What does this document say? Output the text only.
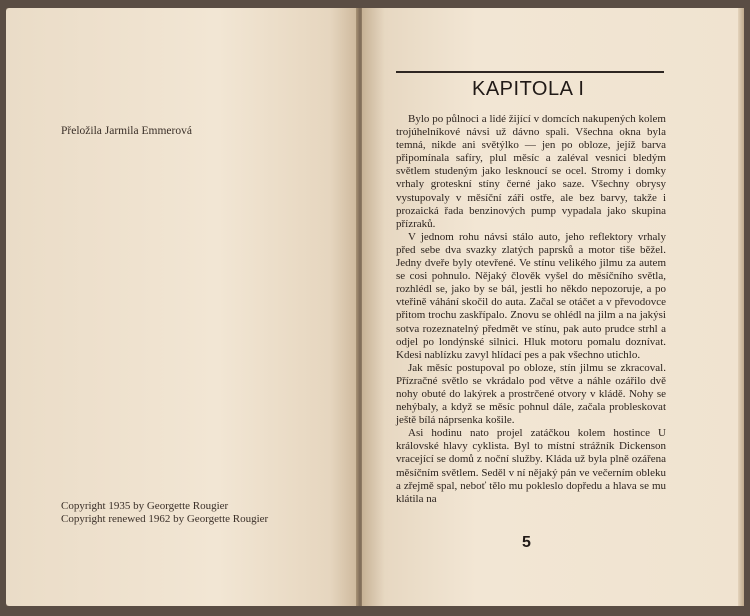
Přeložila Jarmila Emmerová
Copyright 1935 by Georgette Rougier
Copyright renewed 1962 by Georgette Rougier
KAPITOLA I

Bylo po půlnoci a lidé žijící v domcích nakupených kolem trojúhelníkové návsi už dávno spali. Všechna okna byla temná, nikde ani světýlko — jen po obloze, jejíž barva připomínala safíry, plul měsíc a zaléval vesnici bledým světlem studeným jako lesknoucí se ocel. Stromy i domky vrhaly groteskní stíny černé jako saze. Všechny obrysy vystupovaly v měsíční záři ostře, ale bez barvy, takže i prozaická řada benzinových pump vypadala jako skupina přízraků.

V jednom rohu návsi stálo auto, jeho reflektory vrhaly před sebe dva svazky zlatých paprsků a motor tiše běžel. Jedny dveře byly otevřené. Ve stínu velikého jilmu za autem se cosi pohnulo. Nějaký člověk vyšel do měsíčního světla, rozhlédl se, jako by se bál, jestli ho někdo nepozoruje, a po vteřině váhání skočil do auta. Začal se otáčet a v převodovce přitom trochu zaskřípalo. Znovu se ohlédl na jilm a na jakýsi sotva rozeznatelný předmět ve stínu, pak auto prudce strhl a odjel po londýnské silnici. Hluk motoru pomalu doznívat. Kdesi nablízku zavyl hlídací pes a pak všechno utichlo.

Jak měsíc postupoval po obloze, stín jilmu se zkracoval. Přízračné světlo se vkrádalo pod větve a náhle ozářilo dvě nohy obuté do lakýrek a prostrčené otvory v kládě. Nohy se nehýbaly, a když se měsíc pohnul dále, začala probleskovat ještě bílá náprsenka košile.

Asi hodinu nato projel zatáčkou kolem hostince U královské hlavy cyklista. Byl to místní strážník Dickenson vracející se domů z noční služby. Kláda už byla plně ozářena měsíčním světlem. Seděl v ní nějaký pán ve večerním obleku a zřejmě spal, neboť tělo mu pokleslo dopředu a hlava se mu klátila na

5
